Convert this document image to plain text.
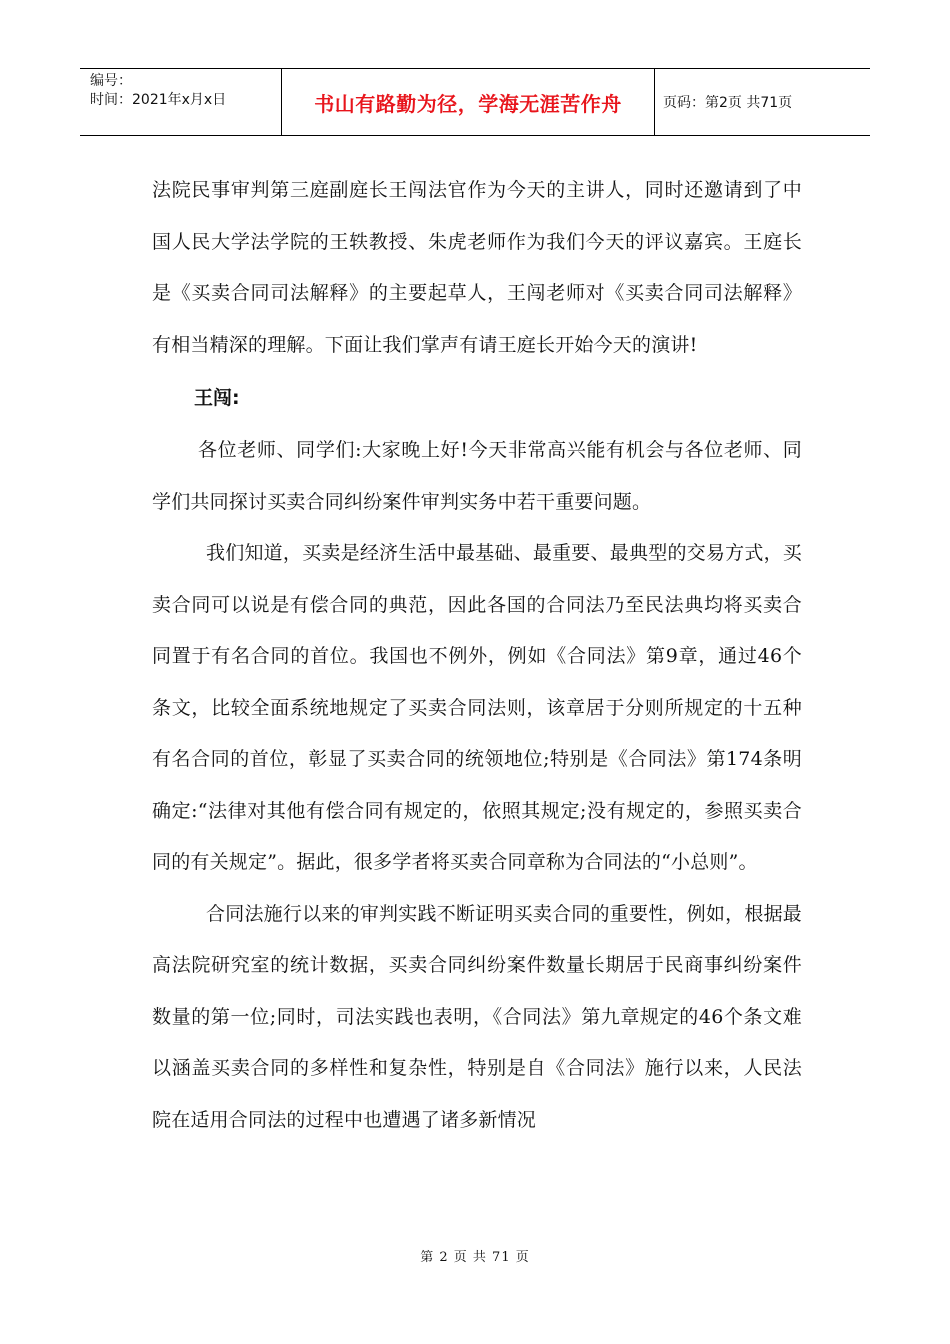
编号：
时间：2021年x月x日	书山有路勤为径，学海无涯苦作舟	页码：第2页 共71页

法院民事审判第三庭副庭长王闯法官作为今天的主讲人，同时还邀请到了中国人民大学法学院的王轶教授、朱虎老师作为我们今天的评议嘉宾。王庭长是《买卖合同司法解释》的主要起草人，王闯老师对《买卖合同司法解释》有相当精深的理解。下面让我们掌声有请王庭长开始今天的演讲!

王闯:

各位老师、同学们:大家晚上好!今天非常高兴能有机会与各位老师、同学们共同探讨买卖合同纠纷案件审判实务中若干重要问题。

我们知道，买卖是经济生活中最基础、最重要、最典型的交易方式，买卖合同可以说是有偿合同的典范，因此各国的合同法乃至民法典均将买卖合同置于有名合同的首位。我国也不例外，例如《合同法》第9章，通过46个条文，比较全面系统地规定了买卖合同法则，该章居于分则所规定的十五种有名合同的首位，彰显了买卖合同的统领地位;特别是《合同法》第174条明确定:“法律对其他有偿合同有规定的，依照其规定;没有规定的，参照买卖合同的有关规定”。据此，很多学者将买卖合同章称为合同法的“小总则”。

合同法施行以来的审判实践不断证明买卖合同的重要性，例如，根据最高法院研究室的统计数据，买卖合同纠纷案件数量长期居于民商事纠纷案件数量的第一位;同时，司法实践也表明，《合同法》第九章规定的46个条文难以涵盖买卖合同的多样性和复杂性，特别是自《合同法》施行以来，人民法院在适用合同法的过程中也遭遇了诸多新情况

第 2 页 共 71 页
